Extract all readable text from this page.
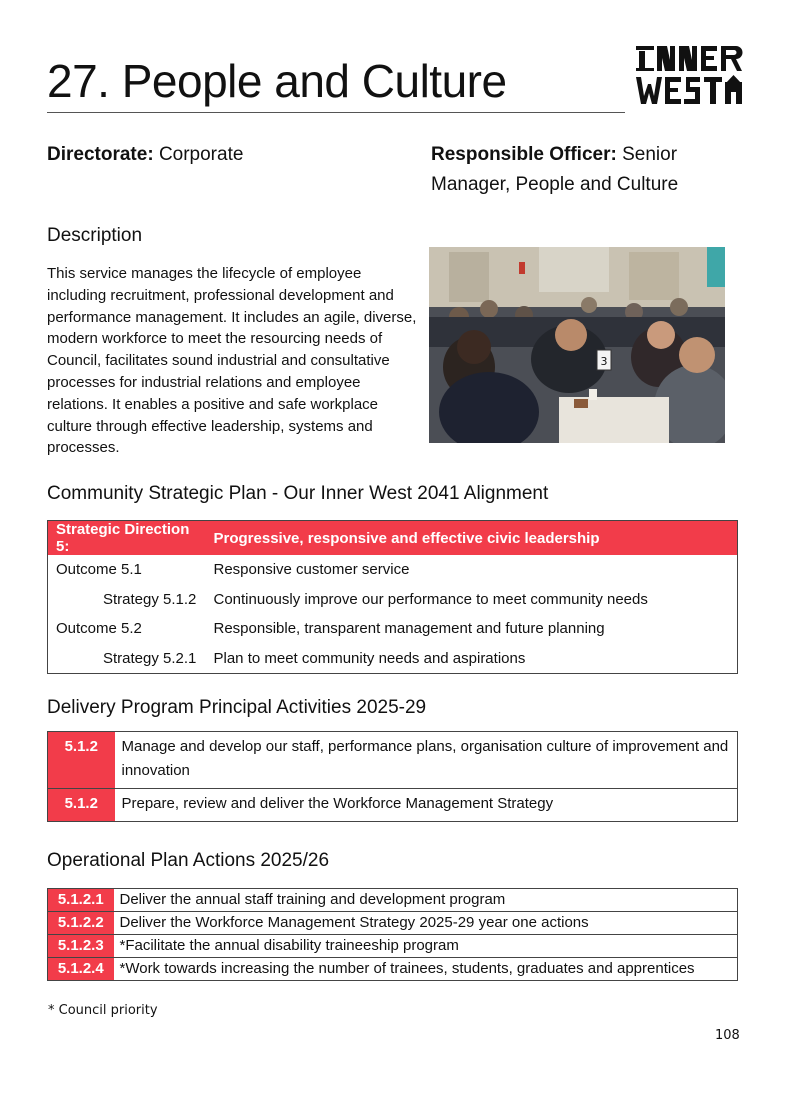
27. People and Culture
Directorate: Corporate	Responsible Officer: Senior Manager, People and Culture
Description

This service manages the lifecycle of employee including recruitment, professional development and performance management. It includes an agile, diverse, modern workforce to meet the resourcing needs of Council, facilitates sound industrial and consultative processes for industrial relations and employee relations. It enables a positive and safe workplace culture through effective leadership, systems and processes.

3
Community Strategic Plan - Our Inner West 2041 Alignment
Strategic Direction 5:	Progressive, responsive and effective civic leadership
Outcome 5.1	Responsive customer service
Strategy 5.1.2	Continuously improve our performance to meet community needs
Outcome 5.2	Responsible, transparent management and future planning
Strategy 5.2.1	Plan to meet community needs and aspirations
Delivery Program Principal Activities 2025-29
5.1.2	Manage and develop our staff, performance plans, organisation culture of improvement and innovation
5.1.2	Prepare, review and deliver the Workforce Management Strategy
Operational Plan Actions 2025/26
5.1.2.1	Deliver the annual staff training and development program
5.1.2.2	Deliver the Workforce Management Strategy 2025-29 year one actions
5.1.2.3	*Facilitate the annual disability traineeship program
5.1.2.4	*Work towards increasing the number of trainees, students, graduates and apprentices
* Council priority
108
